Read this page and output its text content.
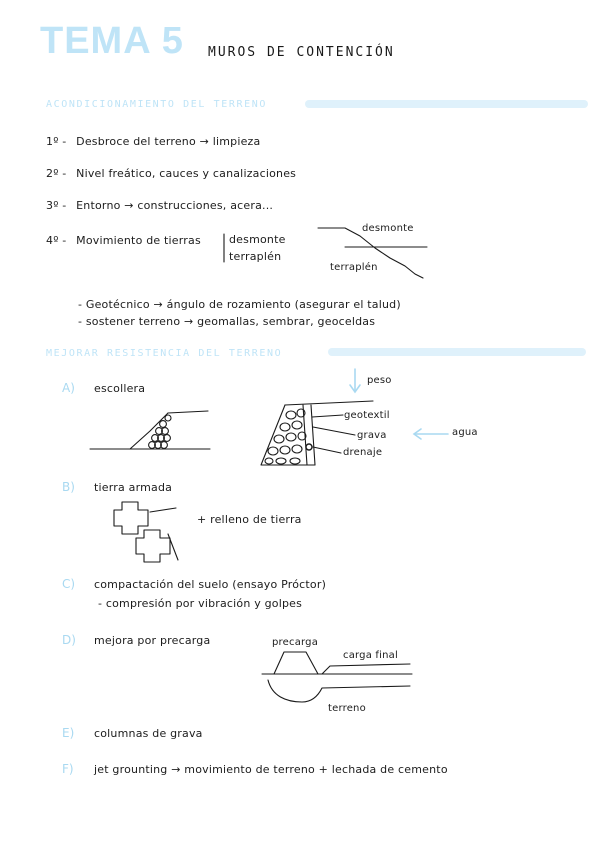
TEMA 5 MUROS DE CONTENCIÓN
ACONDICIONAMIENTO DEL TERRENO
1º - Desbroce del terreno → limpieza
2º - Nivel freático, cauces y canalizaciones
3º - Entorno → construcciones, acera...
4º - Movimiento de tierras	desmonte
terraplén
desmonte
terraplén
- Geotécnico → ángulo de rozamiento (asegurar el talud)
- sostener terreno → geomallas, sembrar, geoceldas
MEJORAR RESISTENCIA DEL TERRENO
A) escollera
peso
geotextil
grava
drenaje
agua
B) tierra armada
+ relleno de tierra
C) compactación del suelo (ensayo Próctor)
- compresión por vibración y golpes
D) mejora por precarga	precarga
carga final
terreno
E) columnas de grava
F) jet grounting → movimiento de terreno + lechada de cemento
